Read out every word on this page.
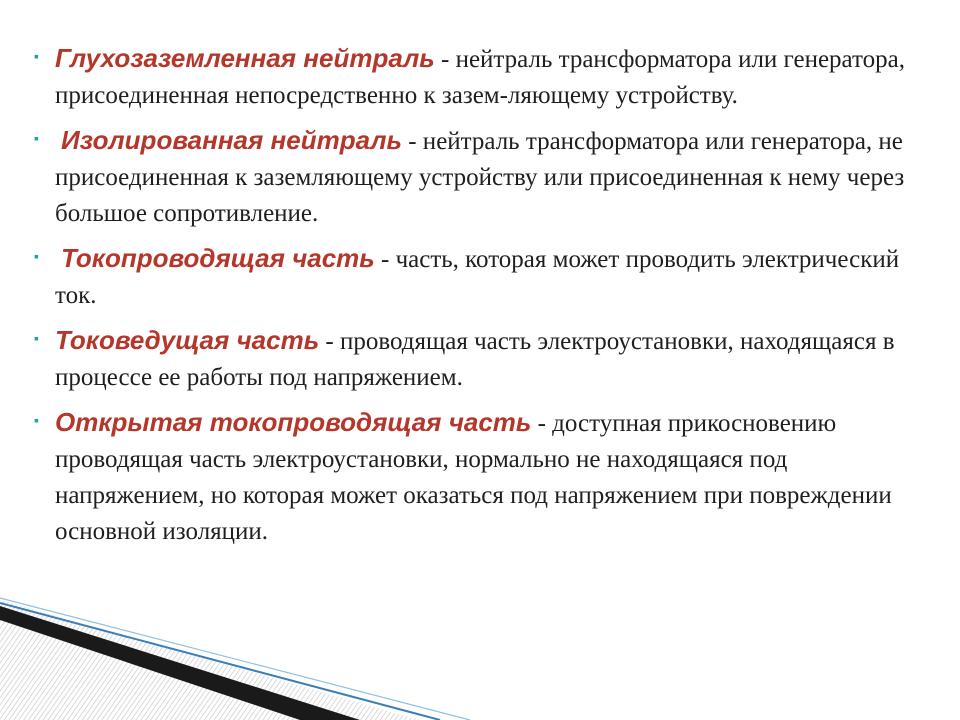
▪ Глухозаземленная нейтраль - нейтраль трансформатора или генератора, присоединенная непосредственно к зазем-ляющему устройству.
▪ Изолированная нейтраль - нейтраль трансформатора или генератора, не присоединенная к заземляющему устройству или присоединенная к нему через большое сопротивление.
▪ Токопроводящая часть - часть, которая может проводить электрический ток.
▪ Токоведущая часть - проводящая часть электроустановки, находящаяся в процессе ее работы под напряжением.
▪ Открытая токопроводящая часть - доступная прикосновению проводящая часть электроустановки, нормально не находящаяся под напряжением, но которая может оказаться под напряжением при повреждении основной изоляции.
